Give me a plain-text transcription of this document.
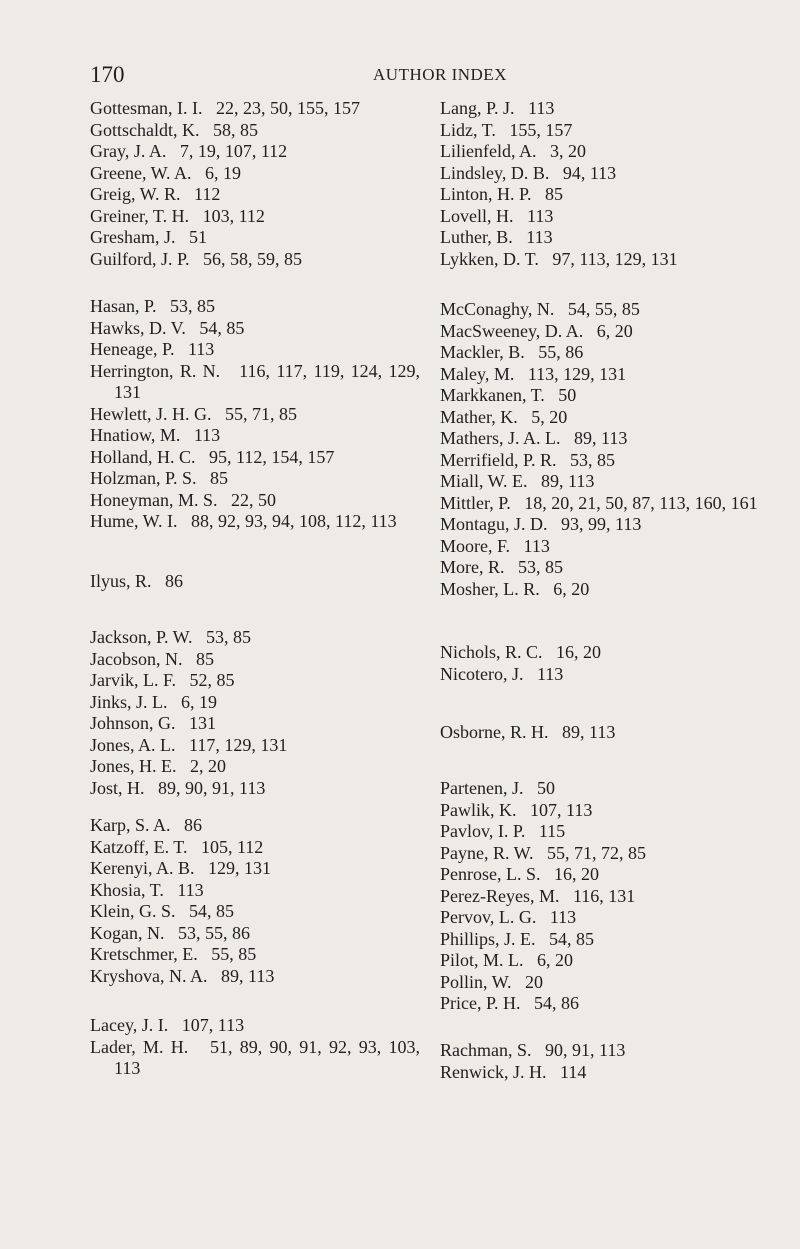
170	AUTHOR INDEX
Gottesman, I. I.   22, 23, 50, 155, 157
Gottschaldt, K.   58, 85
Gray, J. A.   7, 19, 107, 112
Greene, W. A.   6, 19
Greig, W. R.   112
Greiner, T. H.   103, 112
Gresham, J.   51
Guilford, J. P.   56, 58, 59, 85
Hasan, P.   53, 85
Hawks, D. V.   54, 85
Heneage, P.   113
Herrington, R. N.   116, 117, 119, 124, 129, 131
Hewlett, J. H. G.   55, 71, 85
Hnatiow, M.   113
Holland, H. C.   95, 112, 154, 157
Holzman, P. S.   85
Honeyman, M. S.   22, 50
Hume, W. I.   88, 92, 93, 94, 108, 112, 113
Ilyus, R.   86
Jackson, P. W.   53, 85
Jacobson, N.   85
Jarvik, L. F.   52, 85
Jinks, J. L.   6, 19
Johnson, G.   131
Jones, A. L.   117, 129, 131
Jones, H. E.   2, 20
Jost, H.   89, 90, 91, 113
Karp, S. A.   86
Katzoff, E. T.   105, 112
Kerenyi, A. B.   129, 131
Khosia, T.   113
Klein, G. S.   54, 85
Kogan, N.   53, 55, 86
Kretschmer, E.   55, 85
Kryshova, N. A.   89, 113
Lacey, J. I.   107, 113
Lader, M. H.   51, 89, 90, 91, 92, 93, 103, 113
Lang, P. J.   113
Lidz, T.   155, 157
Lilienfeld, A.   3, 20
Lindsley, D. B.   94, 113
Linton, H. P.   85
Lovell, H.   113
Luther, B.   113
Lykken, D. T.   97, 113, 129, 131
McConaghy, N.   54, 55, 85
MacSweeney, D. A.   6, 20
Mackler, B.   55, 86
Maley, M.   113, 129, 131
Markkanen, T.   50
Mather, K.   5, 20
Mathers, J. A. L.   89, 113
Merrifield, P. R.   53, 85
Miall, W. E.   89, 113
Mittler, P.   18, 20, 21, 50, 87, 113, 160, 161
Montagu, J. D.   93, 99, 113
Moore, F.   113
More, R.   53, 85
Mosher, L. R.   6, 20
Nichols, R. C.   16, 20
Nicotero, J.   113
Osborne, R. H.   89, 113
Partenen, J.   50
Pawlik, K.   107, 113
Pavlov, I. P.   115
Payne, R. W.   55, 71, 72, 85
Penrose, L. S.   16, 20
Perez-Reyes, M.   116, 131
Pervov, L. G.   113
Phillips, J. E.   54, 85
Pilot, M. L.   6, 20
Pollin, W.   20
Price, P. H.   54, 86
Rachman, S.   90, 91, 113
Renwick, J. H.   114
